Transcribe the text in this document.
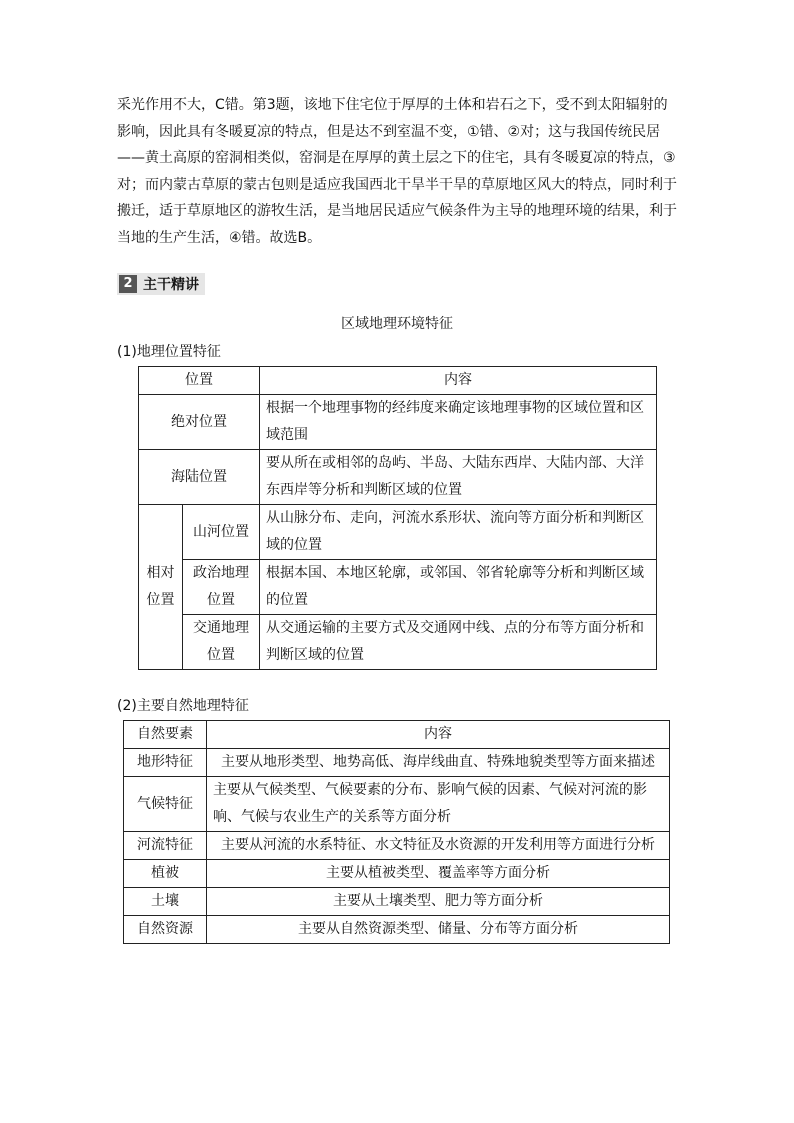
采光作用不大，C错。第3题，该地下住宅位于厚厚的土体和岩石之下，受不到太阳辐射的

影响，因此具有冬暖夏凉的特点，但是达不到室温不变，①错、②对；这与我国传统民居

——黄土高原的窑洞相类似，窑洞是在厚厚的黄土层之下的住宅，具有冬暖夏凉的特点，③

对；而内蒙古草原的蒙古包则是适应我国西北干旱半干旱的草原地区风大的特点，同时利于

搬迁，适于草原地区的游牧生活，是当地居民适应气候条件为主导的地理环境的结果，利于

当地的生产生活，④错。故选B。

2 主干精讲
区域地理环境特征
(1)地理位置特征
位置		内容
绝对位置		根据一个地理事物的经纬度来确定该地理事物的区域位置和区域范围
海陆位置		要从所在或相邻的岛屿、半岛、大陆东西岸、大陆内部、大洋东西岸等分析和判断区域的位置
相对位置	山河位置	从山脉分布、走向，河流水系形状、流向等方面分析和判断区域的位置
	政治地理位置	根据本国、本地区轮廓，或邻国、邻省轮廓等分析和判断区域的位置
	交通地理位置	从交通运输的主要方式及交通网中线、点的分布等方面分析和判断区域的位置
(2)主要自然地理特征
自然要素	内容
地形特征	主要从地形类型、地势高低、海岸线曲直、特殊地貌类型等方面来描述
气候特征	主要从气候类型、气候要素的分布、影响气候的因素、气候对河流的影响、气候与农业生产的关系等方面分析
河流特征	主要从河流的水系特征、水文特征及水资源的开发利用等方面进行分析
植被	主要从植被类型、覆盖率等方面分析
土壤	主要从土壤类型、肥力等方面分析
自然资源	主要从自然资源类型、储量、分布等方面分析
